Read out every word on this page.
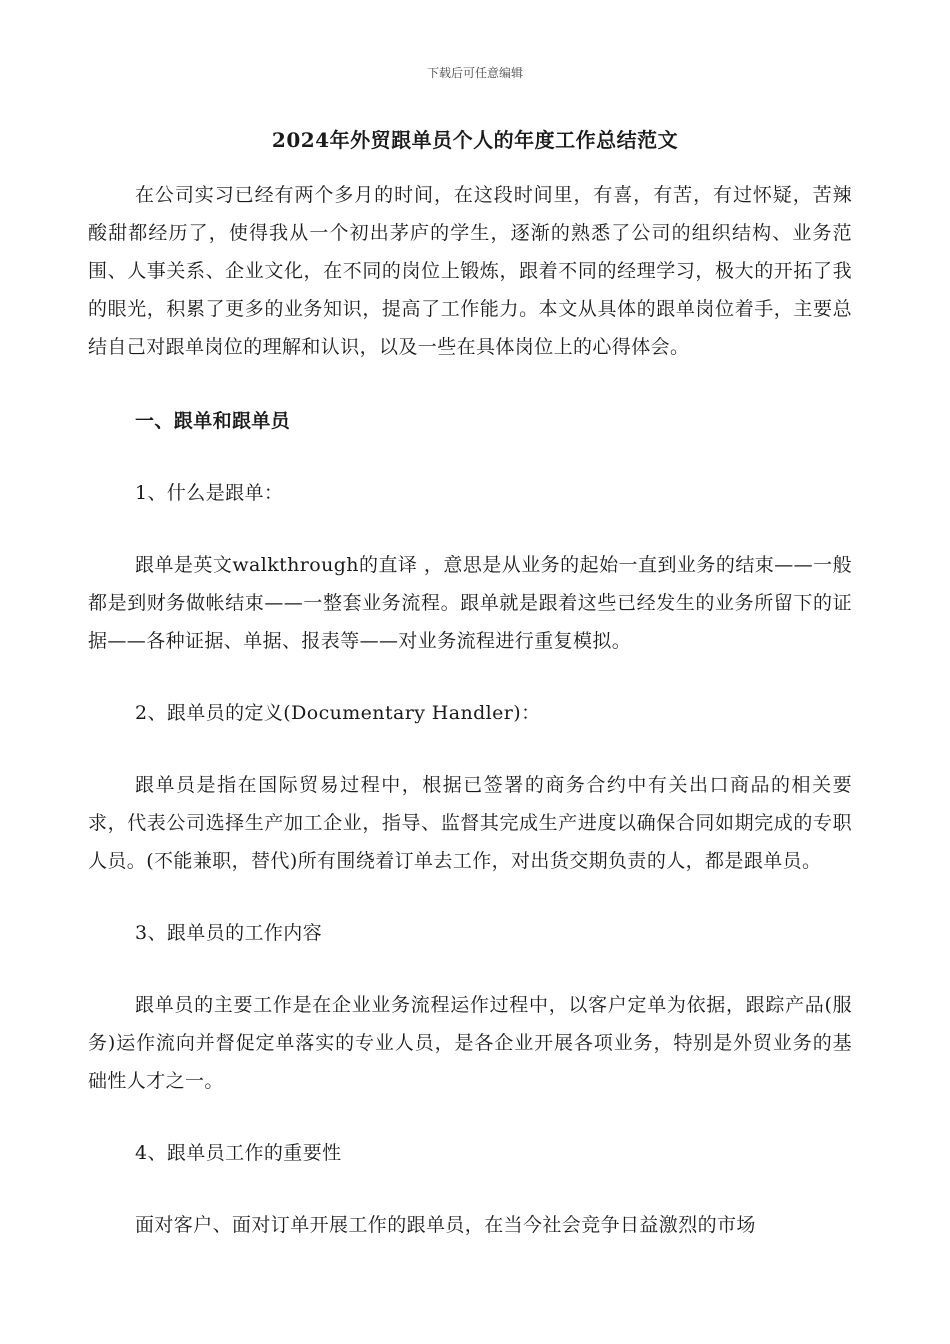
下载后可任意编辑
2024年外贸跟单员个人的年度工作总结范文

在公司实习已经有两个多月的时间，在这段时间里，有喜，有苦，有过怀疑，苦辣酸甜都经历了，使得我从一个初出茅庐的学生，逐渐的熟悉了公司的组织结构、业务范围、人事关系、企业文化，在不同的岗位上锻炼，跟着不同的经理学习，极大的开拓了我的眼光，积累了更多的业务知识，提高了工作能力。本文从具体的跟单岗位着手，主要总结自己对跟单岗位的理解和认识，以及一些在具体岗位上的心得体会。

一、跟单和跟单员

1、什么是跟单：

跟单是英文walkthrough的直译 ，意思是从业务的起始一直到业务的结束——一般都是到财务做帐结束——一整套业务流程。跟单就是跟着这些已经发生的业务所留下的证据——各种证据、单据、报表等——对业务流程进行重复模拟。

2、跟单员的定义(Documentary Handler)：

跟单员是指在国际贸易过程中，根据已签署的商务合约中有关出口商品的相关要求，代表公司选择生产加工企业，指导、监督其完成生产进度以确保合同如期完成的专职人员。(不能兼职，替代)所有围绕着订单去工作，对出货交期负责的人，都是跟单员。

3、跟单员的工作内容

跟单员的主要工作是在企业业务流程运作过程中，以客户定单为依据，跟踪产品(服务)运作流向并督促定单落实的专业人员，是各企业开展各项业务，特别是外贸业务的基础性人才之一。

4、跟单员工作的重要性

面对客户、面对订单开展工作的跟单员，在当今社会竞争日益激烈的市场
